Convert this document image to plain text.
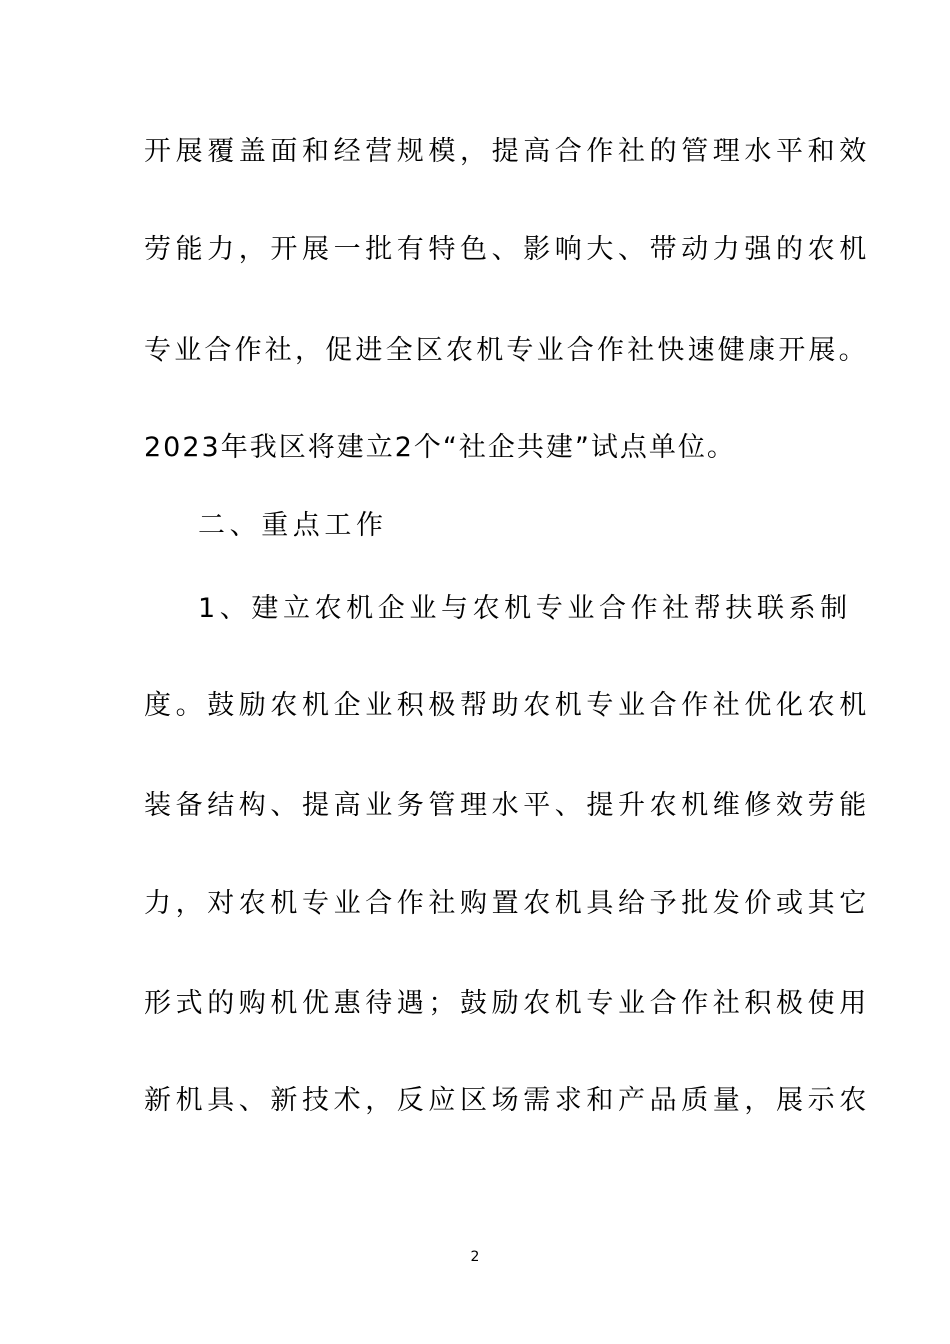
开展覆盖面和经营规模，提高合作社的管理水平和效
劳能力，开展一批有特色、影响大、带动力强的农机
专业合作社，促进全区农机专业合作社快速健康开展。
2023年我区将建立2个“社企共建”试点单位。
二、重点工作
1、建立农机企业与农机专业合作社帮扶联系制
度。鼓励农机企业积极帮助农机专业合作社优化农机
装备结构、提高业务管理水平、提升农机维修效劳能
力，对农机专业合作社购置农机具给予批发价或其它
形式的购机优惠待遇；鼓励农机专业合作社积极使用
新机具、新技术，反应区场需求和产品质量，展示农
2
